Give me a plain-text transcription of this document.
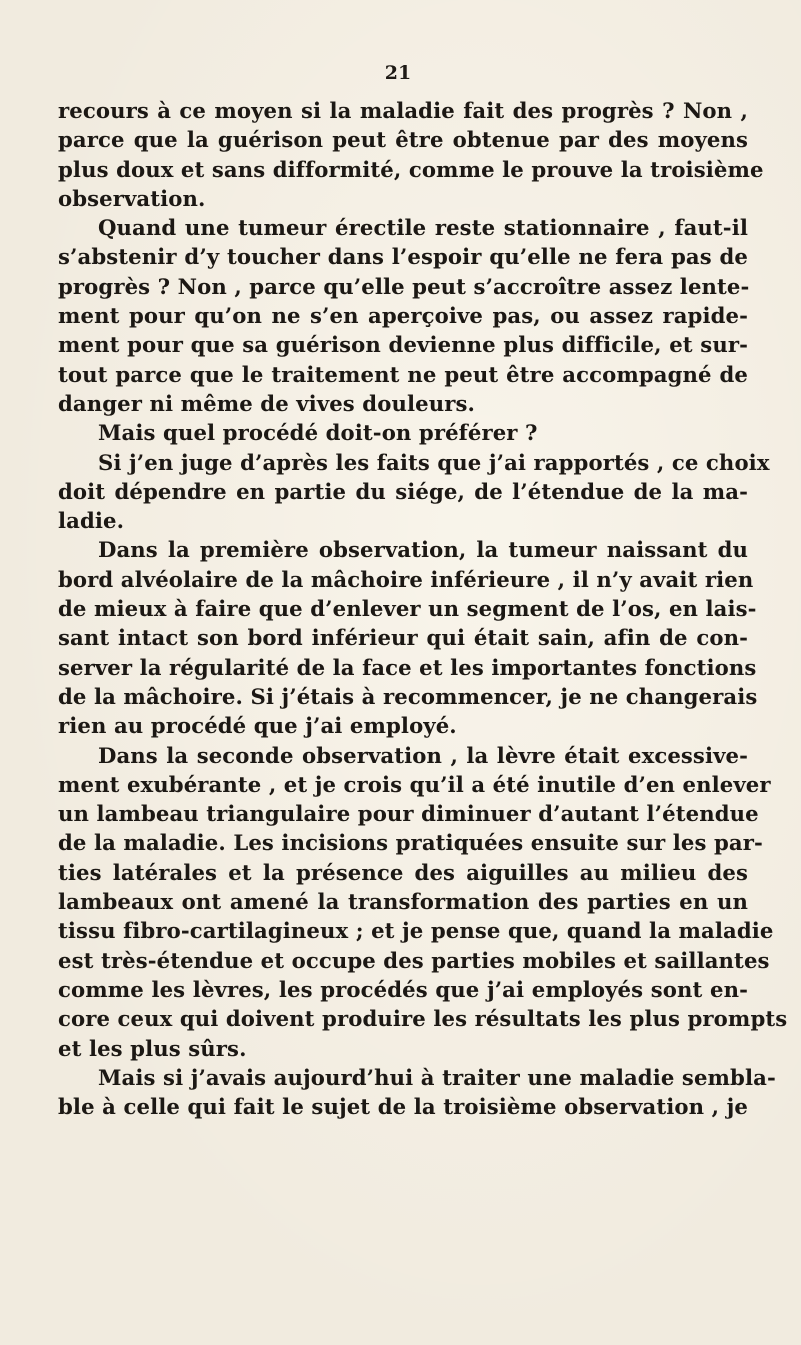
21
recours à ce moyen si la maladie fait des progrès ? Non ,
parce que la guérison peut être obtenue par des moyens
plus doux et sans difformité, comme le prouve la troisième
observation.
Quand une tumeur érectile reste stationnaire , faut-il
s’abstenir d’y toucher dans l’espoir qu’elle ne fera pas de
progrès ? Non , parce qu’elle peut s’accroître assez lente-
ment pour qu’on ne s’en aperçoive pas, ou assez rapide-
ment pour que sa guérison devienne plus difficile, et sur-
tout parce que le traitement ne peut être accompagné de
danger ni même de vives douleurs.
Mais quel procédé doit-on préférer ?
Si j’en juge d’après les faits que j’ai rapportés , ce choix
doit dépendre en partie du siége, de l’étendue de la ma-
ladie.
Dans la première observation, la tumeur naissant du
bord alvéolaire de la mâchoire inférieure , il n’y avait rien
de mieux à faire que d’enlever un segment de l’os, en lais-
sant intact son bord inférieur qui était sain, afin de con-
server la régularité de la face et les importantes fonctions
de la mâchoire. Si j’étais à recommencer, je ne changerais
rien au procédé que j’ai employé.
Dans la seconde observation , la lèvre était excessive-
ment exubérante , et je crois qu’il a été inutile d’en enlever
un lambeau triangulaire pour diminuer d’autant l’étendue
de la maladie. Les incisions pratiquées ensuite sur les par-
ties latérales et la présence des aiguilles au milieu des
lambeaux ont amené la transformation des parties en un
tissu fibro-cartilagineux ; et je pense que, quand la maladie
est très-étendue et occupe des parties mobiles et saillantes
comme les lèvres, les procédés que j’ai employés sont en-
core ceux qui doivent produire les résultats les plus prompts
et les plus sûrs.
Mais si j’avais aujourd’hui à traiter une maladie sembla-
ble à celle qui fait le sujet de la troisième observation , je
